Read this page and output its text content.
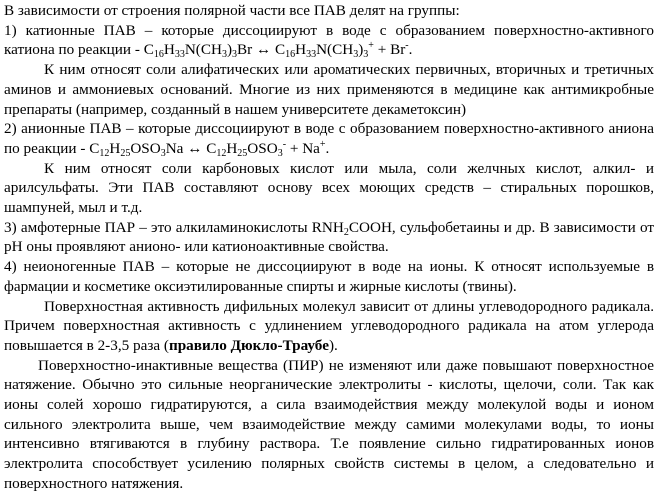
В зависимости от строения полярной части все ПАВ делят на группы:

1) катионные ПАВ – которые диссоциируют в воде с образованием поверхностно-активного катиона по реакции - $C_{16}H_{33}N(CH_3)_3Br$ ↔ $C_{16}H_{33}N(CH_3)_3^+ + Br^-$.

К ним относят соли алифатических или ароматических первичных, вторичных и третичных аминов и аммониевых оснований. Многие из них применяются в медицине как антимикробные препараты (например, созданный в нашем университете декаметоксин)

2) анионные ПАВ – которые диссоциируют в воде с образованием поверхностно-активного аниона по реакции - $C_{12}H_{25}OSO_3Na$ ↔ $C_{12}H_{25}OSO_3^- + Na^+$.

К ним относят соли карбоновых кислот или мыла, соли желчных кислот, алкил- и арилсульфаты. Эти ПАВ составляют основу всех моющих средств – стиральных порошков, шампуней, мыл и т.д.

3) амфотерные ПАР – это алкиламинокислоты $RNH_2COOH$, сульфобетаины и др. В зависимости от рН оны проявляют анионо- или катионоактивные свойства.

4) неионогенные ПАВ – которые не диссоциируют в воде на ионы. К относят используемые в фармации и косметике оксиэтилированные спирты и жирные кислоты (твины).

Поверхностная активность дифильных молекул зависит от длины углеводородного радикала. Причем поверхностная активность с удлинением углеводородного радикала на атом углерода повышается в 2-3,5 раза (правило Дюкло-Траубе).

Поверхностно-инактивные вещества (ПИР) не изменяют или даже повышают поверхностное натяжение. Обычно это сильные неорганические электролиты - кислоты, щелочи, соли. Так как ионы солей хорошо гидратируются, а сила взаимодействия между молекулой воды и ионом сильного электролита выше, чем взаимодействие между самими молекулами воды, то ионы интенсивно втягиваются в глубину раствора. Т.е появление сильно гидратированных ионов электролита способствует усилению полярных свойств системы в целом, а следовательно и поверхностного натяжения.
